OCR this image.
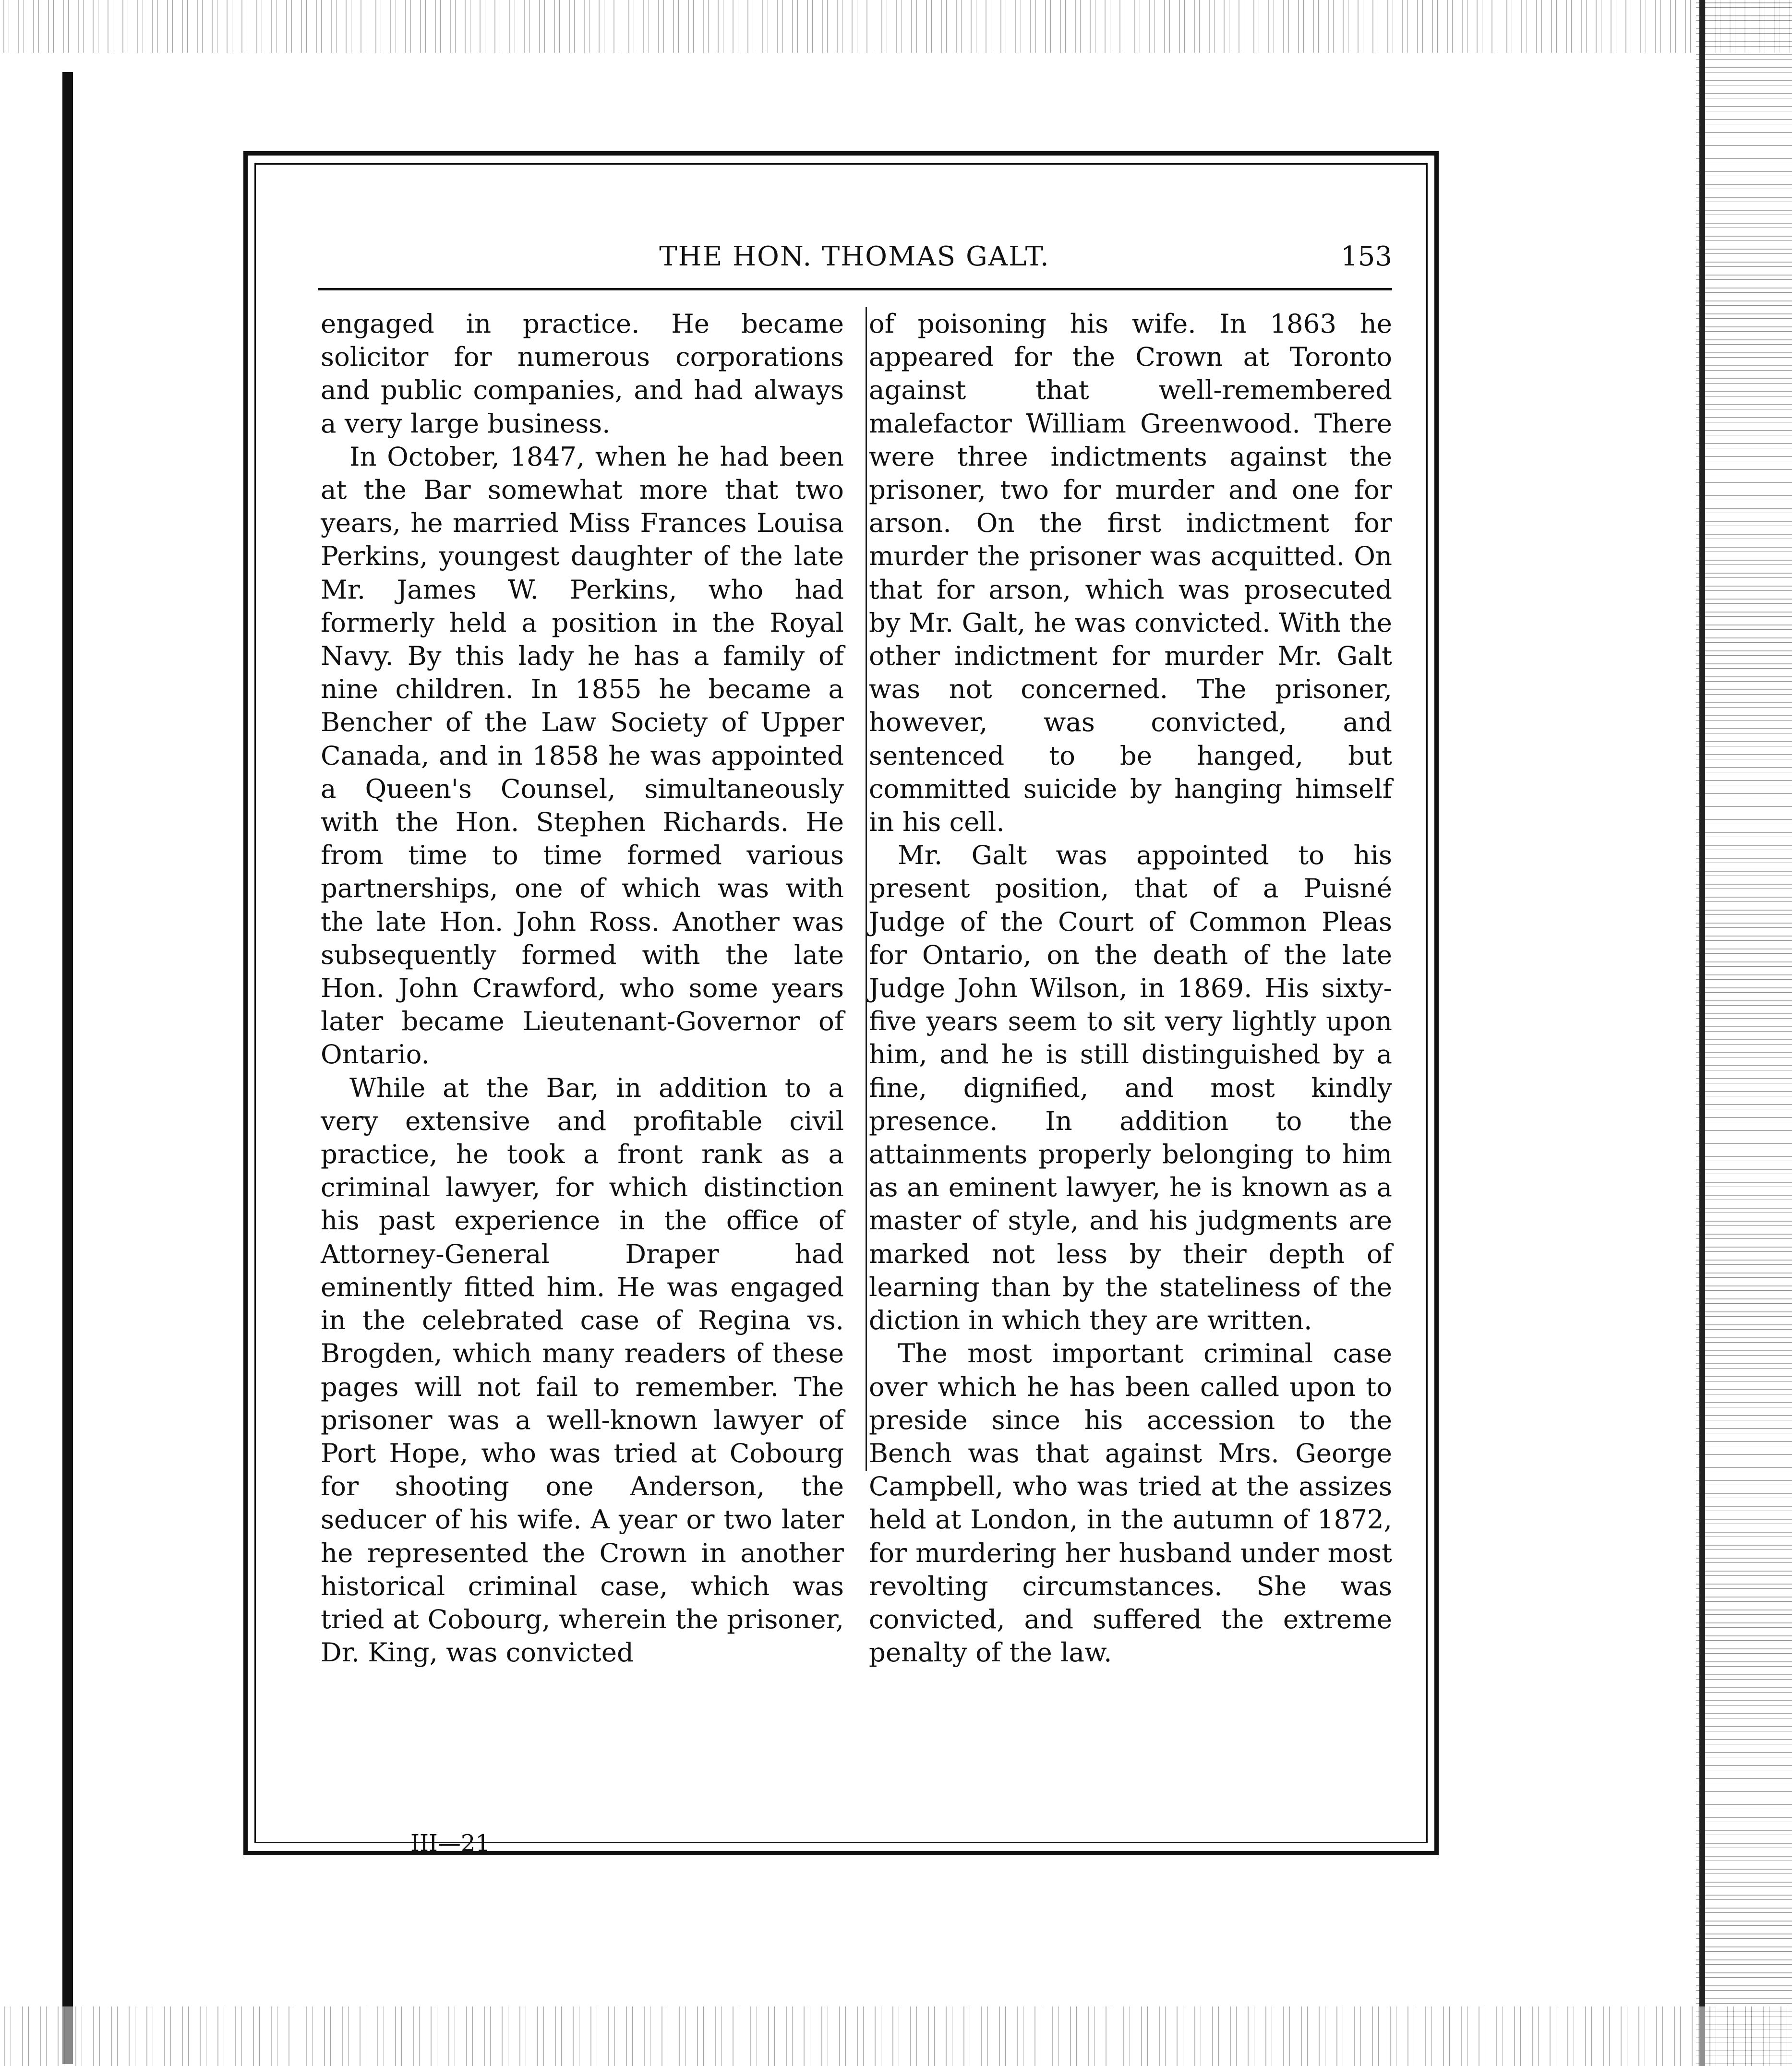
THE HON. THOMAS GALT.	153

engaged in practice. He became solicitor for numerous corporations and public companies, and had always a very large business.

In October, 1847, when he had been at the Bar somewhat more that two years, he married Miss Frances Louisa Perkins, youngest daughter of the late Mr. James W. Perkins, who had formerly held a position in the Royal Navy. By this lady he has a family of nine children. In 1855 he became a Bencher of the Law Society of Upper Canada, and in 1858 he was appointed a Queen's Counsel, simultaneously with the Hon. Stephen Richards. He from time to time formed various partnerships, one of which was with the late Hon. John Ross. Another was subsequently formed with the late Hon. John Crawford, who some years later became Lieutenant-Governor of Ontario.

While at the Bar, in addition to a very extensive and profitable civil practice, he took a front rank as a criminal lawyer, for which distinction his past experience in the office of Attorney-General Draper had eminently fitted him. He was engaged in the celebrated case of Regina vs. Brogden, which many readers of these pages will not fail to remember. The prisoner was a well-known lawyer of Port Hope, who was tried at Cobourg for shooting one Anderson, the seducer of his wife. A year or two later he represented the Crown in another historical criminal case, which was tried at Cobourg, wherein the prisoner, Dr. King, was convicted

of poisoning his wife. In 1863 he appeared for the Crown at Toronto against that well-remembered malefactor William Greenwood. There were three indictments against the prisoner, two for murder and one for arson. On the first indictment for murder the prisoner was acquitted. On that for arson, which was prosecuted by Mr. Galt, he was convicted. With the other indictment for murder Mr. Galt was not concerned. The prisoner, however, was convicted, and sentenced to be hanged, but committed suicide by hanging himself in his cell.

Mr. Galt was appointed to his present position, that of a Puisné Judge of the Court of Common Pleas for Ontario, on the death of the late Judge John Wilson, in 1869. His sixty-five years seem to sit very lightly upon him, and he is still distinguished by a fine, dignified, and most kindly presence. In addition to the attainments properly belonging to him as an eminent lawyer, he is known as a master of style, and his judgments are marked not less by their depth of learning than by the stateliness of the diction in which they are written.

The most important criminal case over which he has been called upon to preside since his accession to the Bench was that against Mrs. George Campbell, who was tried at the assizes held at London, in the autumn of 1872, for murdering her husband under most revolting circumstances. She was convicted, and suffered the extreme penalty of the law.

III—21
